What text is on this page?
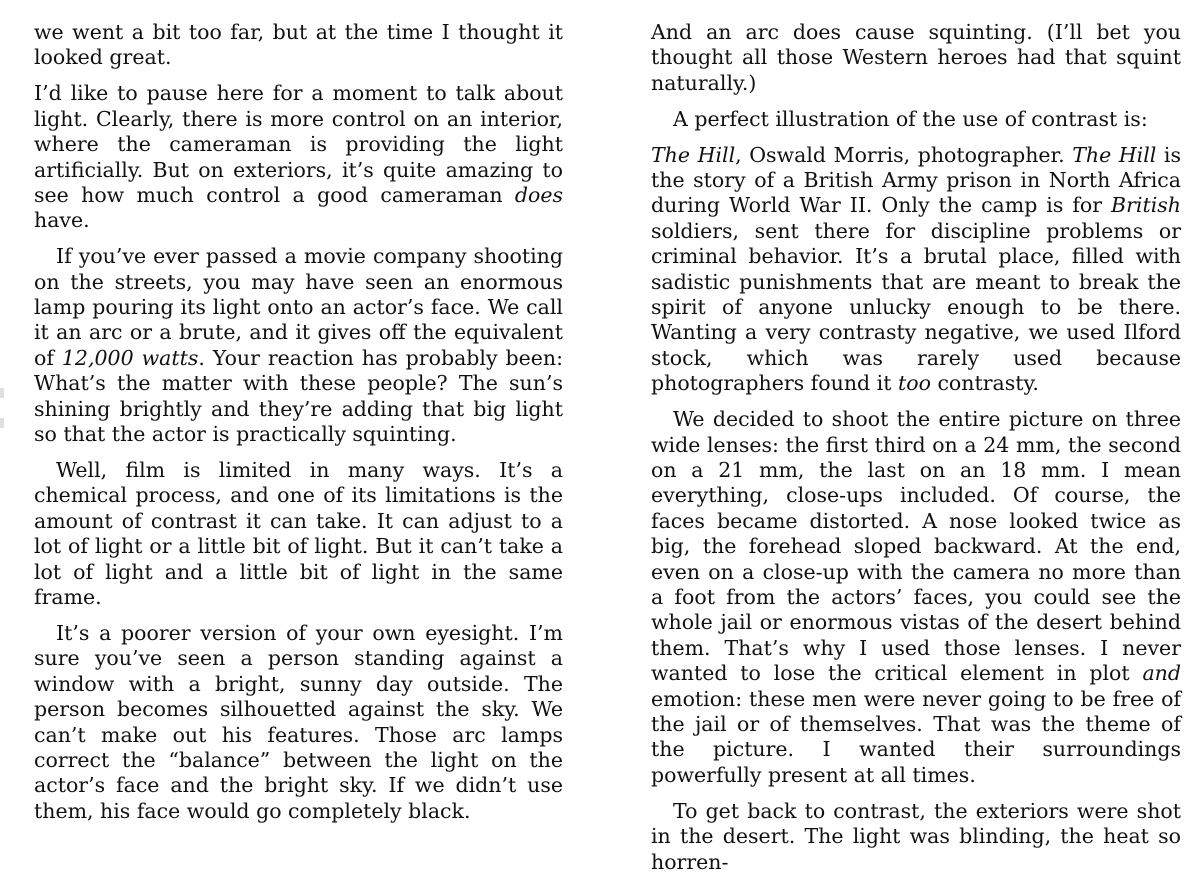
we went a bit too far, but at the time I thought it looked great.

I’d like to pause here for a moment to talk about light. Clearly, there is more control on an interior, where the cameraman is providing the light artificially. But on exteriors, it’s quite amazing to see how much control a good cameraman does have.

If you’ve ever passed a movie company shooting on the streets, you may have seen an enormous lamp pouring its light onto an actor’s face. We call it an arc or a brute, and it gives off the equivalent of 12,000 watts. Your reaction has probably been: What’s the matter with these people? The sun’s shining brightly and they’re adding that big light so that the actor is practically squinting.

Well, film is limited in many ways. It’s a chemical process, and one of its limitations is the amount of contrast it can take. It can adjust to a lot of light or a little bit of light. But it can’t take a lot of light and a little bit of light in the same frame.

It’s a poorer version of your own eyesight. I’m sure you’ve seen a person standing against a window with a bright, sunny day outside. The person becomes silhouetted against the sky. We can’t make out his features. Those arc lamps correct the “balance” between the light on the actor’s face and the bright sky. If we didn’t use them, his face would go completely black.

And an arc does cause squinting. (I’ll bet you thought all those Western heroes had that squint naturally.)

A perfect illustration of the use of contrast is:

The Hill, Oswald Morris, photographer. The Hill is the story of a British Army prison in North Africa during World War II. Only the camp is for British soldiers, sent there for discipline problems or criminal behavior. It’s a brutal place, filled with sadistic punishments that are meant to break the spirit of anyone unlucky enough to be there. Wanting a very contrasty negative, we used Ilford stock, which was rarely used because photographers found it too contrasty.

We decided to shoot the entire picture on three wide lenses: the first third on a 24 mm, the second on a 21 mm, the last on an 18 mm. I mean everything, close-ups included. Of course, the faces became distorted. A nose looked twice as big, the forehead sloped backward. At the end, even on a close-up with the camera no more than a foot from the actors’ faces, you could see the whole jail or enormous vistas of the desert behind them. That’s why I used those lenses. I never wanted to lose the critical element in plot and emotion: these men were never going to be free of the jail or of themselves. That was the theme of the picture. I wanted their surroundings powerfully present at all times.

To get back to contrast, the exteriors were shot in the desert. The light was blinding, the heat so horren-
